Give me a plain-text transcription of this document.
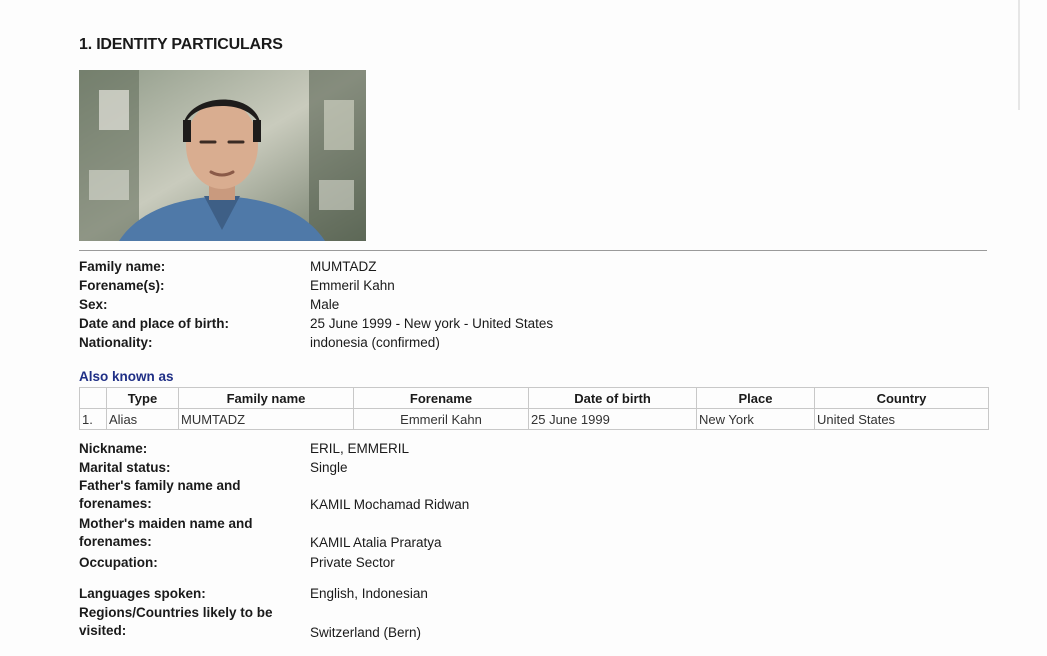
1. IDENTITY PARTICULARS
Family name:	MUMTADZ
Forename(s):	Emmeril Kahn
Sex:	Male
Date and place of birth:	25 June 1999 - New york - United States
Nationality:	indonesia (confirmed)
Also known as
	Type	Family name	Forename	Date of birth	Place	Country
1.	Alias	MUMTADZ	Emmeril Kahn	25 June 1999	New York	United States
Nickname:	ERIL, EMMERIL
Marital status:	Single
Father's family name and
forenames:	KAMIL Mochamad Ridwan
Mother's maiden name and
forenames:	KAMIL Atalia Praratya
Occupation:	Private Sector
Languages spoken:	English, Indonesian
Regions/Countries likely to be
visited:	Switzerland (Bern)
